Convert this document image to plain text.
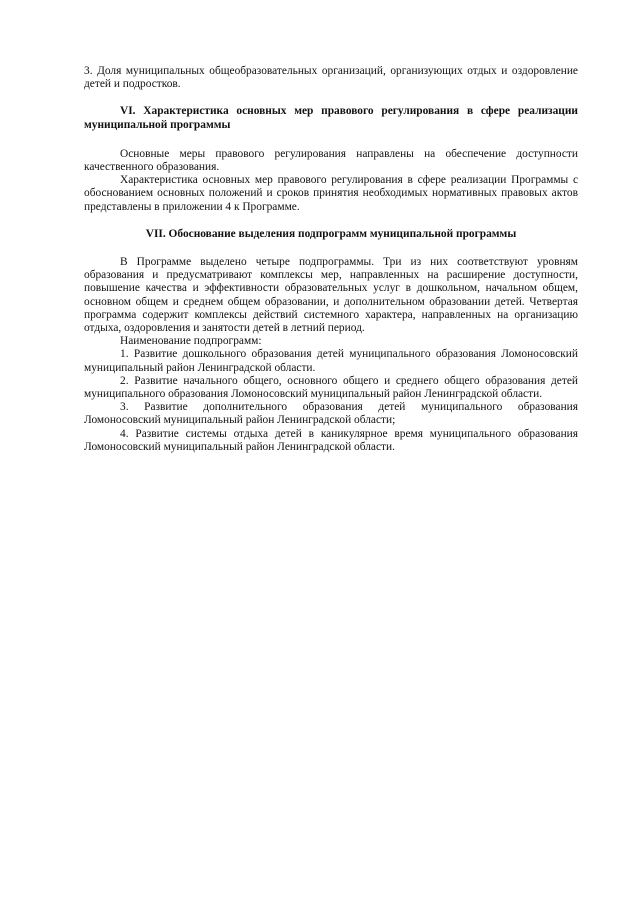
3. Доля муниципальных общеобразовательных организаций, организующих отдых и оздоровление детей и подростков.

VI. Характеристика основных мер правового регулирования в сфере реализации муниципальной программы

Основные меры правового регулирования направлены на обеспечение доступности качественного образования.

Характеристика основных мер правового регулирования в сфере реализации Программы с обоснованием основных положений и сроков принятия необходимых нормативных правовых актов представлены в приложении 4 к Программе.

VII. Обоснование выделения подпрограмм муниципальной программы

В Программе выделено четыре подпрограммы. Три из них соответствуют уровням образования и предусматривают комплексы мер, направленных на расширение доступности, повышение качества и эффективности образовательных услуг в дошкольном, начальном общем, основном общем и среднем общем образовании, и дополнительном образовании детей. Четвертая программа содержит комплексы действий системного характера, направленных на организацию отдыха, оздоровления и занятости детей в летний период.

Наименование подпрограмм:

1. Развитие дошкольного образования детей муниципального образования Ломоносовский муниципальный район Ленинградской области.

2. Развитие начального общего, основного общего и среднего общего образования детей муниципального образования Ломоносовский муниципальный район Ленинградской области.

3. Развитие дополнительного образования детей муниципального образования Ломоносовский муниципальный район Ленинградской области;

4. Развитие системы отдыха детей в каникулярное время муниципального образования Ломоносовский муниципальный район Ленинградской области.
